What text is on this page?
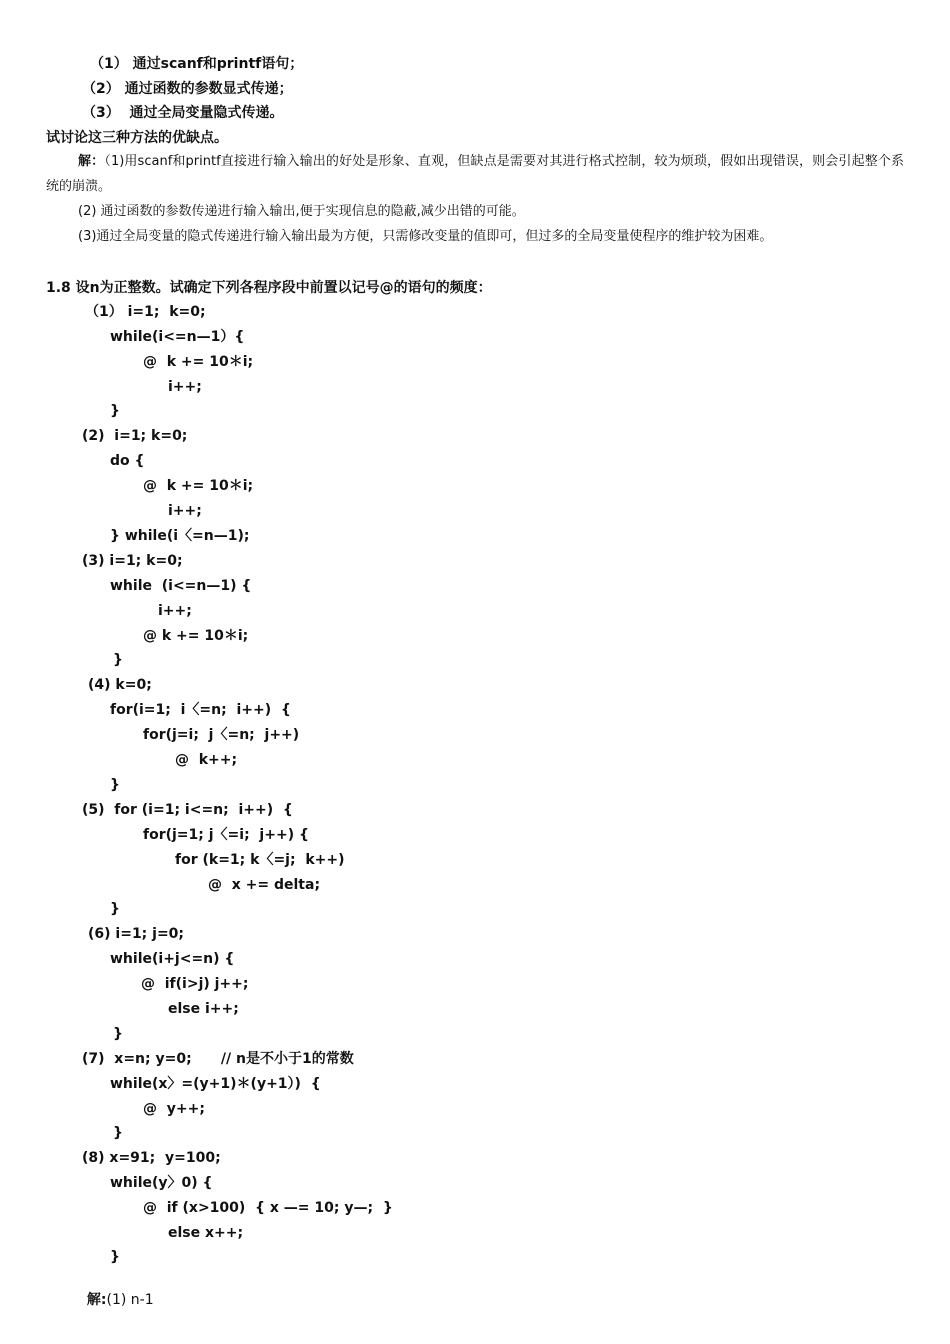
（1） 通过scanf和printf语句；
（2） 通过函数的参数显式传递；
（3）  通过全局变量隐式传递。
试讨论这三种方法的优缺点。
解：（1)用scanf和printf直接进行输入输出的好处是形象、直观，但缺点是需要对其进行格式控制，较为烦琐，假如出现错误，则会引起整个系统的崩溃。
(2) 通过函数的参数传递进行输入输出,便于实现信息的隐蔽,减少出错的可能。
(3)通过全局变量的隐式传递进行输入输出最为方便，只需修改变量的值即可，但过多的全局变量使程序的维护较为困难。
1.8 设n为正整数。试确定下列各程序段中前置以记号@的语句的频度：
（1） i=1;  k=0;
while(i<=n—1）{
@  k += 10＊i;
i++;
}
(2)  i=1; k=0;
do {
@  k += 10＊i;
i++;
} while(i〈=n—1);
(3) i=1; k=0;
while  (i<=n—1) {
i++;
@ k += 10＊i;
}
(4) k=0;
for(i=1;  i〈=n;  i++)  {
for(j=i;  j〈=n;  j++)
@  k++;
}
(5)  for (i=1; i<=n;  i++)  {
for(j=1; j〈=i;  j++) {
for (k=1; k〈=j;  k++)
@  x += delta;
}
(6) i=1; j=0;
while(i+j<=n) {
@  if(i>j) j++;
else i++;
}
(7)  x=n; y=0;      // n是不小于1的常数
while(x〉=(y+1)＊(y+1）)  {
@  y++;
}
(8) x=91;  y=100;
while(y〉0) {
@  if (x>100)  { x —= 10; y—;  }
else x++;
}

解:(1) n-1
